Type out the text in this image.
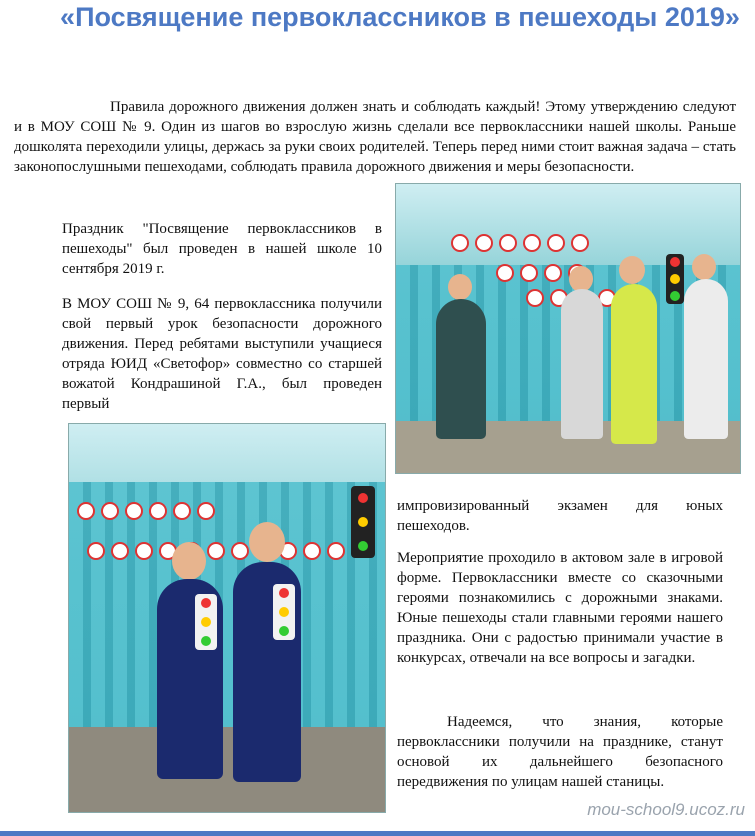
«Посвящение первоклассников в пешеходы 2019»

Правила дорожного движения должен знать и соблюдать каждый! Этому утверждению следуют и в МОУ СОШ № 9. Один из шагов во взрослую жизнь сделали все первоклассники нашей школы. Раньше дошколята переходили улицы, держась за руки своих родителей. Теперь перед ними стоит важная задача – стать законопослушными пешеходами, соблюдать правила дорожного движения и меры безопасности.

Праздник "Посвящение первоклассников в пешеходы" был проведен в нашей школе 10 сентября 2019 г.

В МОУ СОШ № 9, 64 первоклассника получили свой первый урок безопасности дорожного движения. Перед ребятами выступили учащиеся отряда ЮИД «Светофор» совместно со старшей вожатой Кондрашиной Г.А., был проведен первый

импровизированный экзамен для юных пешеходов.

Мероприятие проходило в актовом зале в игровой форме. Первоклассники вместе со сказочными героями познакомились с дорожными знаками. Юные пешеходы стали главными героями нашего праздника. Они с радостью принимали участие в конкурсах, отвечали на все вопросы и загадки.

Надеемся, что знания, которые первоклассники получили на празднике, станут основой их дальнейшего безопасного передвижения по улицам нашей станицы.

mou-school9.ucoz.ru
